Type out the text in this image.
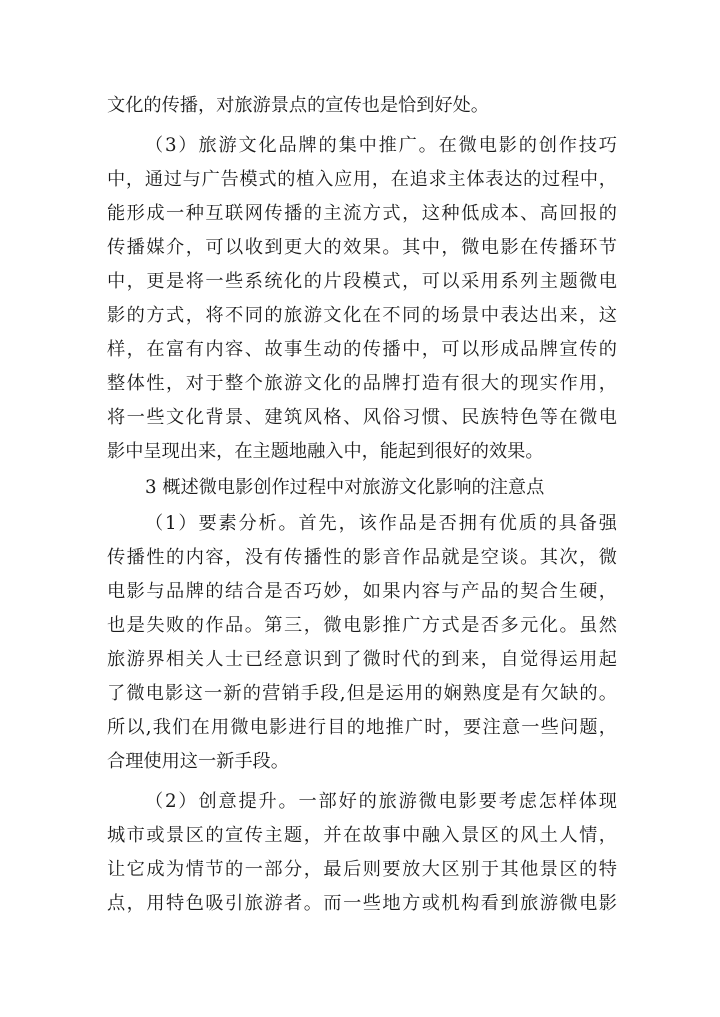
文化的传播，对旅游景点的宣传也是恰到好处。
（3）旅游文化品牌的集中推广。在微电影的创作技巧
中，通过与广告模式的植入应用，在追求主体表达的过程中，
能形成一种互联网传播的主流方式，这种低成本、高回报的
传播媒介，可以收到更大的效果。其中，微电影在传播环节
中，更是将一些系统化的片段模式，可以采用系列主题微电
影的方式，将不同的旅游文化在不同的场景中表达出来，这
样，在富有内容、故事生动的传播中，可以形成品牌宣传的
整体性，对于整个旅游文化的品牌打造有很大的现实作用，
将一些文化背景、建筑风格、风俗习惯、民族特色等在微电
影中呈现出来，在主题地融入中，能起到很好的效果。
3 概述微电影创作过程中对旅游文化影响的注意点
（1）要素分析。首先，该作品是否拥有优质的具备强
传播性的内容，没有传播性的影音作品就是空谈。其次，微
电影与品牌的结合是否巧妙，如果内容与产品的契合生硬，
也是失败的作品。第三，微电影推广方式是否多元化。虽然
旅游界相关人士已经意识到了微时代的到来，自觉得运用起
了微电影这一新的营销手段,但是运用的娴熟度是有欠缺的。
所以,我们在用微电影进行目的地推广时，要注意一些问题，
合理使用这一新手段。
（2）创意提升。一部好的旅游微电影要考虑怎样体现
城市或景区的宣传主题，并在故事中融入景区的风土人情，
让它成为情节的一部分，最后则要放大区别于其他景区的特
点，用特色吸引旅游者。而一些地方或机构看到旅游微电影
